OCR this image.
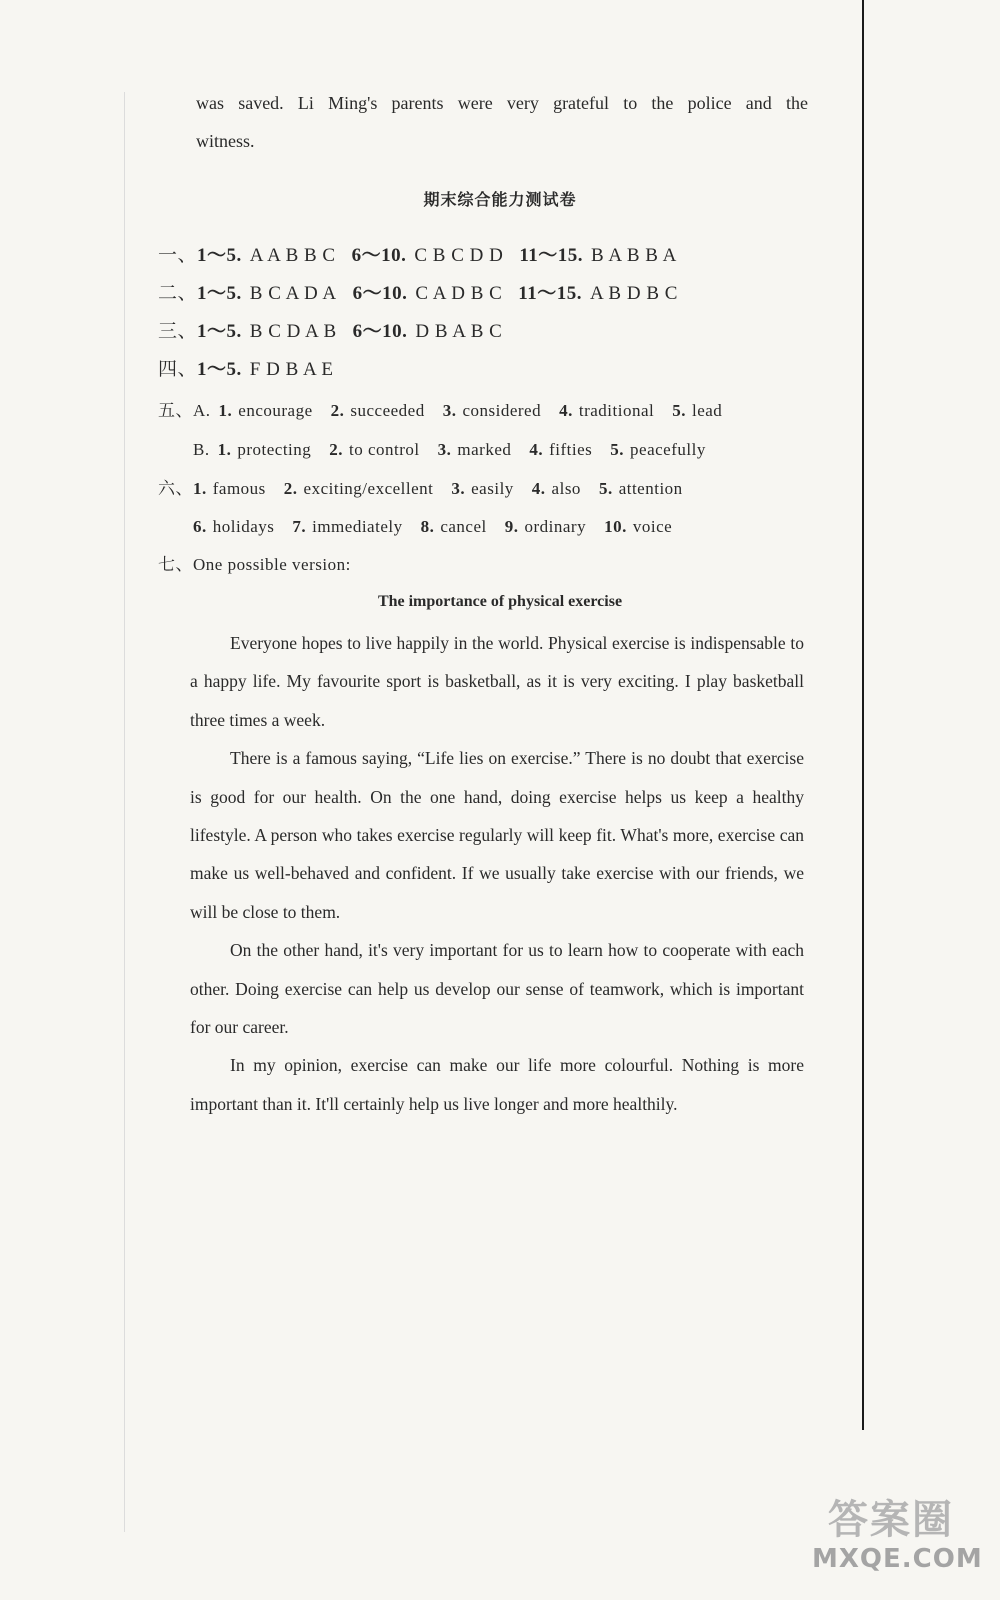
was saved. Li Ming's parents were very grateful to the police and the
witness.
期末综合能力测试卷
一、1～5. A A B B C 6～10. C B C D D 11～15. B A B B A
二、1～5. B C A D A 6～10. C A D B C 11～15. A B D B C
三、1～5. B C D A B 6～10. D B A B C
四、1～5. F D B A E
五、A. 1. encourage 2. succeeded 3. considered 4. traditional 5. lead
B. 1. protecting 2. to control 3. marked 4. fifties 5. peacefully
六、1. famous 2. exciting/excellent 3. easily 4. also 5. attention
6. holidays 7. immediately 8. cancel 9. ordinary 10. voice
七、One possible version:
The importance of physical exercise

Everyone hopes to live happily in the world. Physical exercise is indispensable to a happy life. My favourite sport is basketball, as it is very exciting. I play basketball three times a week.

There is a famous saying, “Life lies on exercise.” There is no doubt that exercise is good for our health. On the one hand, doing exercise helps us keep a healthy lifestyle. A person who takes exercise regularly will keep fit. What's more, exercise can make us well-behaved and confident. If we usually take exercise with our friends, we will be close to them.

On the other hand, it's very important for us to learn how to cooperate with each other. Doing exercise can help us develop our sense of teamwork, which is important for our career.

In my opinion, exercise can make our life more colourful. Nothing is more important than it. It'll certainly help us live longer and more healthily.

答案圈
MXQE.COM
